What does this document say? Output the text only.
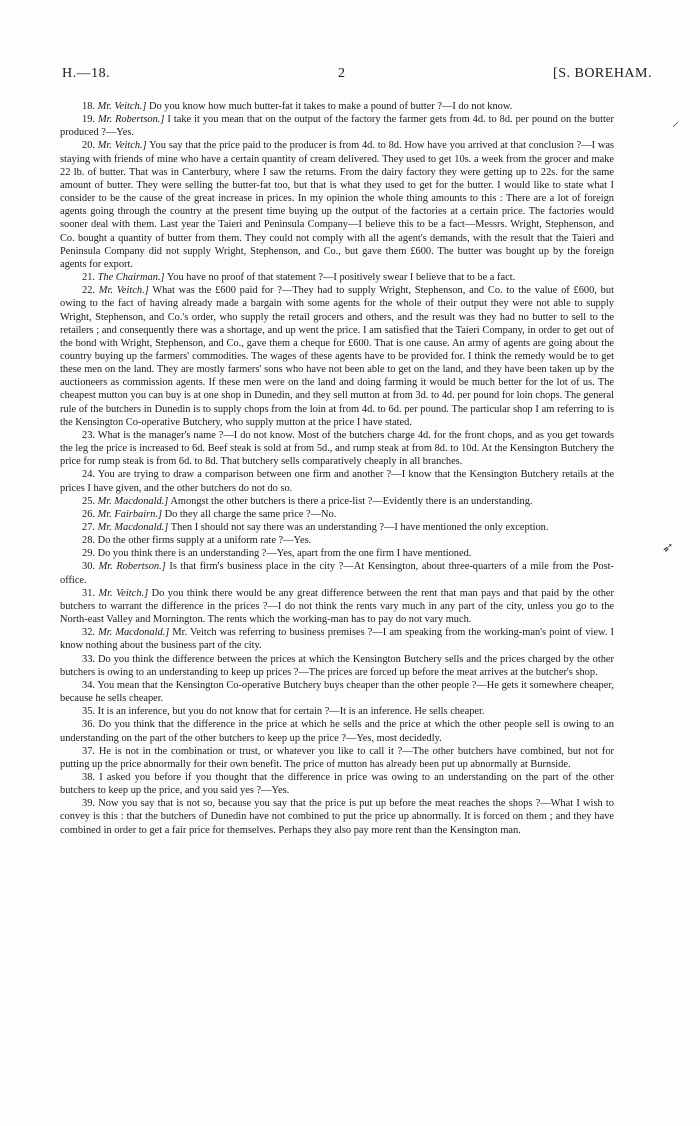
H.—18.	2	[S. BOREHAM.

18. Mr. Veitch.] Do you know how much butter-fat it takes to make a pound of butter ?—I do not know.

19. Mr. Robertson.] I take it you mean that on the output of the factory the farmer gets from 4d. to 8d. per pound on the butter produced ?—Yes.

20. Mr. Veitch.] You say that the price paid to the producer is from 4d. to 8d. How have you arrived at that conclusion ?—I was staying with friends of mine who have a certain quantity of cream delivered. They used to get 10s. a week from the grocer and make 22 lb. of butter. That was in Canterbury, where I saw the returns. From the dairy factory they were getting up to 22s. for the same amount of butter. They were selling the butter-fat too, but that is what they used to get for the butter. I would like to state what I consider to be the cause of the great increase in prices. In my opinion the whole thing amounts to this : There are a lot of foreign agents going through the country at the present time buying up the output of the factories at a certain price. The factories would sooner deal with them. Last year the Taieri and Peninsula Company—I believe this to be a fact—Messrs. Wright, Stephenson, and Co. bought a quantity of butter from them. They could not comply with all the agent's demands, with the result that the Taieri and Peninsula Company did not supply Wright, Stephenson, and Co., but gave them £600. The butter was bought up by the foreign agents for export.

21. The Chairman.] You have no proof of that statement ?—I positively swear I believe that to be a fact.

22. Mr. Veitch.] What was the £600 paid for ?—They had to supply Wright, Stephenson, and Co. to the value of £600, but owing to the fact of having already made a bargain with some agents for the whole of their output they were not able to supply Wright, Stephenson, and Co.'s order, who supply the retail grocers and others, and the result was they had no butter to sell to the retailers ; and consequently there was a shortage, and up went the price. I am satisfied that the Taieri Company, in order to get out of the bond with Wright, Stephenson, and Co., gave them a cheque for £600. That is one cause. An army of agents are going about the country buying up the farmers' commodities. The wages of these agents have to be provided for. I think the remedy would be to get these men on the land. They are mostly farmers' sons who have not been able to get on the land, and they have been taken up by the auctioneers as commission agents. If these men were on the land and doing farming it would be much better for the lot of us. The cheapest mutton you can buy is at one shop in Dunedin, and they sell mutton at from 3d. to 4d. per pound for loin chops. The general rule of the butchers in Dunedin is to supply chops from the loin at from 4d. to 6d. per pound. The particular shop I am referring to is the Kensington Co-operative Butchery, who supply mutton at the price I have stated.

23. What is the manager's name ?—I do not know. Most of the butchers charge 4d. for the front chops, and as you get towards the leg the price is increased to 6d. Beef steak is sold at from 5d., and rump steak at from 8d. to 10d. At the Kensington Butchery the price for rump steak is from 6d. to 8d. That butchery sells comparatively cheaply in all branches.

24. You are trying to draw a comparison between one firm and another ?—I know that the Kensington Butchery retails at the prices I have given, and the other butchers do not do so.

25. Mr. Macdonald.] Amongst the other butchers is there a price-list ?—Evidently there is an understanding.

26. Mr. Fairbairn.] Do they all charge the same price ?—No.

27. Mr. Macdonald.] Then I should not say there was an understanding ?—I have mentioned the only exception.

28. Do the other firms supply at a uniform rate ?—Yes.

29. Do you think there is an understanding ?—Yes, apart from the one firm I have mentioned.

30. Mr. Robertson.] Is that firm's business place in the city ?—At Kensington, about three-quarters of a mile from the Post-office.

31. Mr. Veitch.] Do you think there would be any great difference between the rent that man pays and that paid by the other butchers to warrant the difference in the prices ?—I do not think the rents vary much in any part of the city, unless you go to the North-east Valley and Mornington. The rents which the working-man has to pay do not vary much.

32. Mr. Macdonald.] Mr. Veitch was referring to business premises ?—I am speaking from the working-man's point of view. I know nothing about the business part of the city.

33. Do you think the difference between the prices at which the Kensington Butchery sells and the prices charged by the other butchers is owing to an understanding to keep up prices ?—The prices are forced up before the meat arrives at the butcher's shop.

34. You mean that the Kensington Co-operative Butchery buys cheaper than the other people ?—He gets it somewhere cheaper, because he sells cheaper.

35. It is an inference, but you do not know that for certain ?—It is an inference. He sells cheaper.

36. Do you think that the difference in the price at which he sells and the price at which the other people sell is owing to an understanding on the part of the other butchers to keep up the price ?—Yes, most decidedly.

37. He is not in the combination or trust, or whatever you like to call it ?—The other butchers have combined, but not for putting up the price abnormally for their own benefit. The price of mutton has already been put up abnormally at Burnside.

38. I asked you before if you thought that the difference in price was owing to an understanding on the part of the other butchers to keep up the price, and you said yes ?—Yes.

39. Now you say that is not so, because you say that the price is put up before the meat reaches the shops ?—What I wish to convey is this : that the butchers of Dunedin have not combined to put the price up abnormally. It is forced on them ; and they have combined in order to get a fair price for themselves. Perhaps they also pay more rent than the Kensington man.

⸝
➶
